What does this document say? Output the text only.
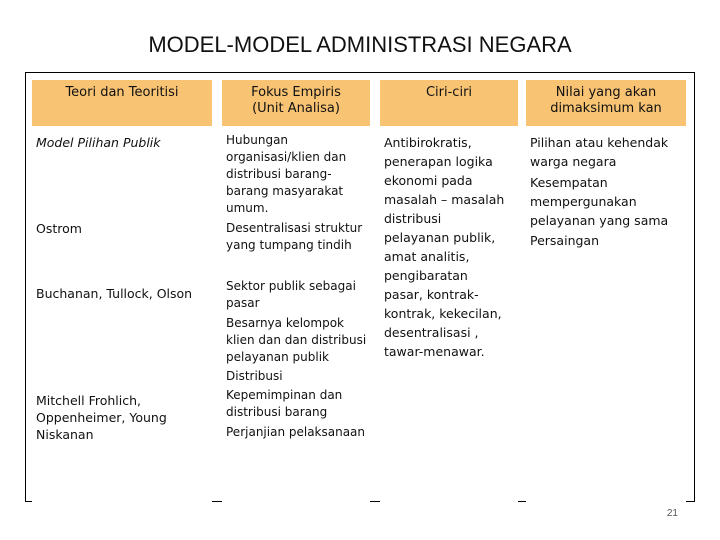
MODEL-MODEL ADMINISTRASI NEGARA
Teori dan Teoritisi	Fokus Empiris
(Unit Analisa)
Ciri-ciri	Nilai yang akan
dimaksimum kan
Model Pilihan Publik
Ostrom
Buchanan, Tullock, Olson
Mitchell Frohlich,
Oppenheimer, Young
Niskanan
Hubungan
organisasi/klien dan
distribusi barang-
barang masyarakat
umum.
Desentralisasi struktur
yang tumpang tindih
Sektor publik sebagai
pasar
Besarnya kelompok
klien dan dan distribusi
pelayanan publik
Distribusi
Kepemimpinan dan
distribusi barang
Perjanjian pelaksanaan
Antibirokratis,
penerapan logika
ekonomi pada
masalah – masalah
distribusi
pelayanan publik,
amat analitis,
pengibaratan
pasar, kontrak-
kontrak, kekecilan,
desentralisasi ,
tawar-menawar.
Pilihan atau kehendak
warga negara
Kesempatan
mempergunakan
pelayanan yang sama
Persaingan
21
